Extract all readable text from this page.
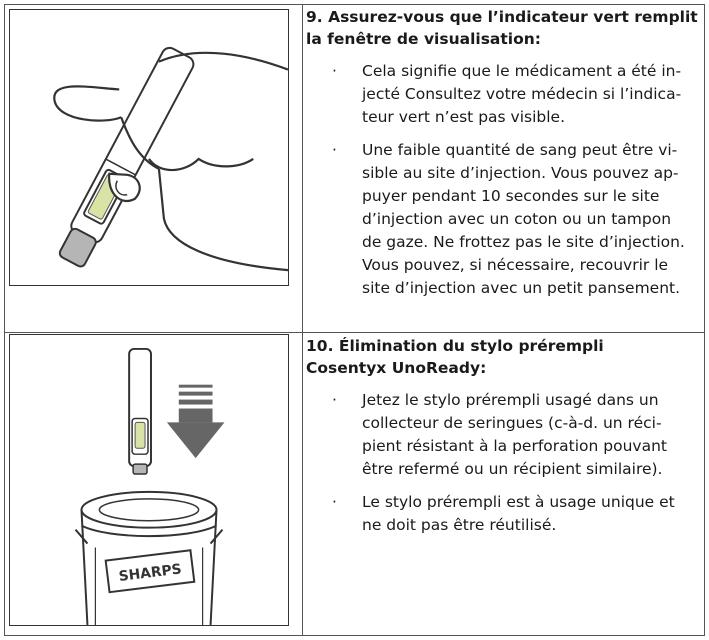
SHARPS
9. Assurez-vous que l’indicateur vert remplit
la fenêtre de visualisation:
· Cela signifie que le médicament a été in-
jecté Consultez votre médecin si l’indica-
teur vert n’est pas visible.
· Une faible quantité de sang peut être vi-
sible au site d’injection. Vous pouvez ap-
puyer pendant 10 secondes sur le site
d’injection avec un coton ou un tampon
de gaze. Ne frottez pas le site d’injection.
Vous pouvez, si nécessaire, recouvrir le
site d’injection avec un petit pansement.
10. Élimination du stylo prérempli
Cosentyx UnoReady:
· Jetez le stylo prérempli usagé dans un
collecteur de seringues (c-à-d. un réci-
pient résistant à la perforation pouvant
être refermé ou un récipient similaire).
· Le stylo prérempli est à usage unique et
ne doit pas être réutilisé.
